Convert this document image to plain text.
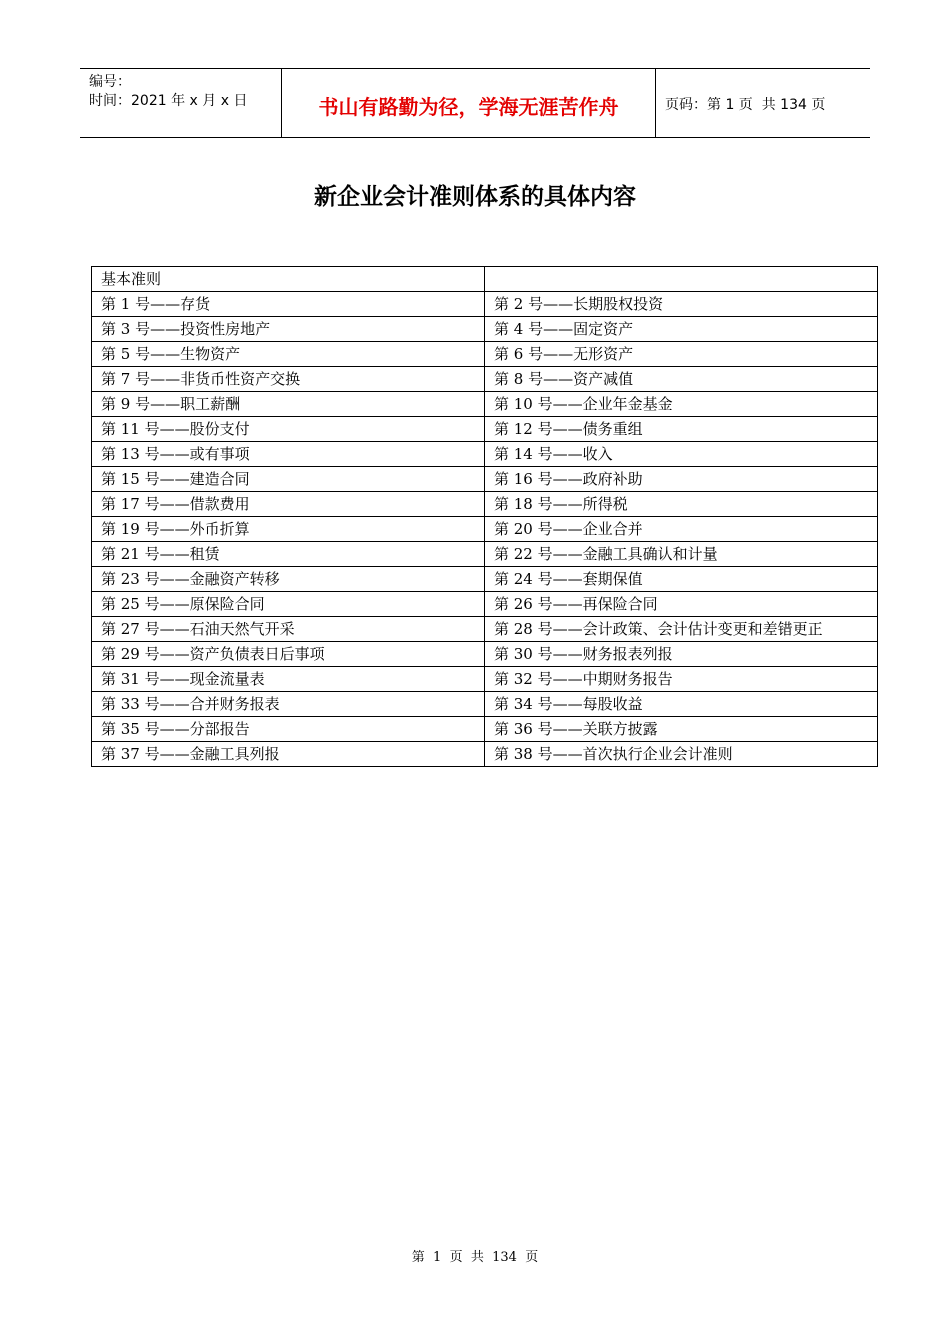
编号：
时间：2021 年 x 月 x 日	书山有路勤为径，学海无涯苦作舟	页码：第 1 页  共 134 页
新企业会计准则体系的具体内容
基本准则	
第 1 号——存货	第 2 号——长期股权投资
第 3 号——投资性房地产	第 4 号——固定资产
第 5 号——生物资产	第 6 号——无形资产
第 7 号——非货币性资产交换	第 8 号——资产减值
第 9 号——职工薪酬	第 10 号——企业年金基金
第 11 号——股份支付	第 12 号——债务重组
第 13 号——或有事项	第 14 号——收入
第 15 号——建造合同	第 16 号——政府补助
第 17 号——借款费用	第 18 号——所得税
第 19 号——外币折算	第 20 号——企业合并
第 21 号——租赁	第 22 号——金融工具确认和计量
第 23 号——金融资产转移	第 24 号——套期保值
第 25 号——原保险合同	第 26 号——再保险合同
第 27 号——石油天然气开采	第 28 号——会计政策、会计估计变更和差错更正
第 29 号——资产负债表日后事项	第 30 号——财务报表列报
第 31 号——现金流量表	第 32 号——中期财务报告
第 33 号——合并财务报表	第 34 号——每股收益
第 35 号——分部报告	第 36 号——关联方披露
第 37 号——金融工具列报	第 38 号——首次执行企业会计准则
第  1  页  共  134  页
